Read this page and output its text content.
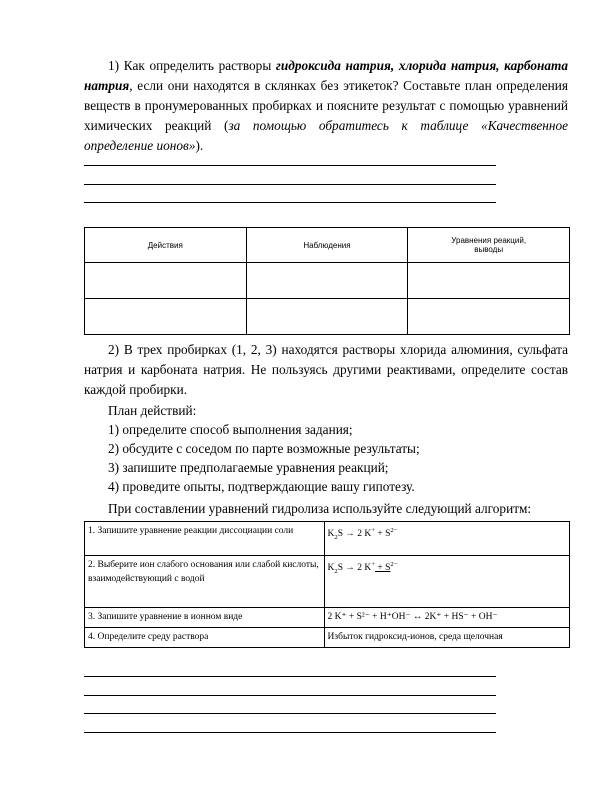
1) Как определить растворы гидроксида натрия, хлорида натрия, карбоната натрия, если они находятся в склянках без этикеток? Составьте план определения веществ в пронумерованных пробирках и поясните результат с помощью уравнений химических реакций (за помощью обратитесь к таблице «Качественное определение ионов»).
Действия	Наблюдения	Уравнения реакций,
выводы

2) В трех пробирках (1, 2, 3) находятся растворы хлорида алюминия, сульфата натрия и карбоната натрия. Не пользуясь другими реактивами, определите состав каждой пробирки.
План действий:
1) определите способ выполнения задания;
2) обсудите с соседом по парте возможные результаты;
3) запишите предполагаемые уравнения реакций;
4) проведите опыты, подтверждающие вашу гипотезу.
При составлении уравнений гидролиза используйте следующий алгоритм:
1. Запишите уравнение реакции диссоциации соли	$K_2S \to 2$ $K^+ + S^{2-}$
2. Выберите ион слабого основания или слабой кислоты, взаимодействующий с водой	$K_2S \to 2$ $K^+ + S^{2-}$
3. Запишите уравнение в ионном виде	2 K⁺ + S²⁻ + H⁺OH⁻ ↔ 2K⁺ + HS⁻ + OH⁻
4. Определите среду раствора	Избыток гидроксид-ионов, среда щелочная
